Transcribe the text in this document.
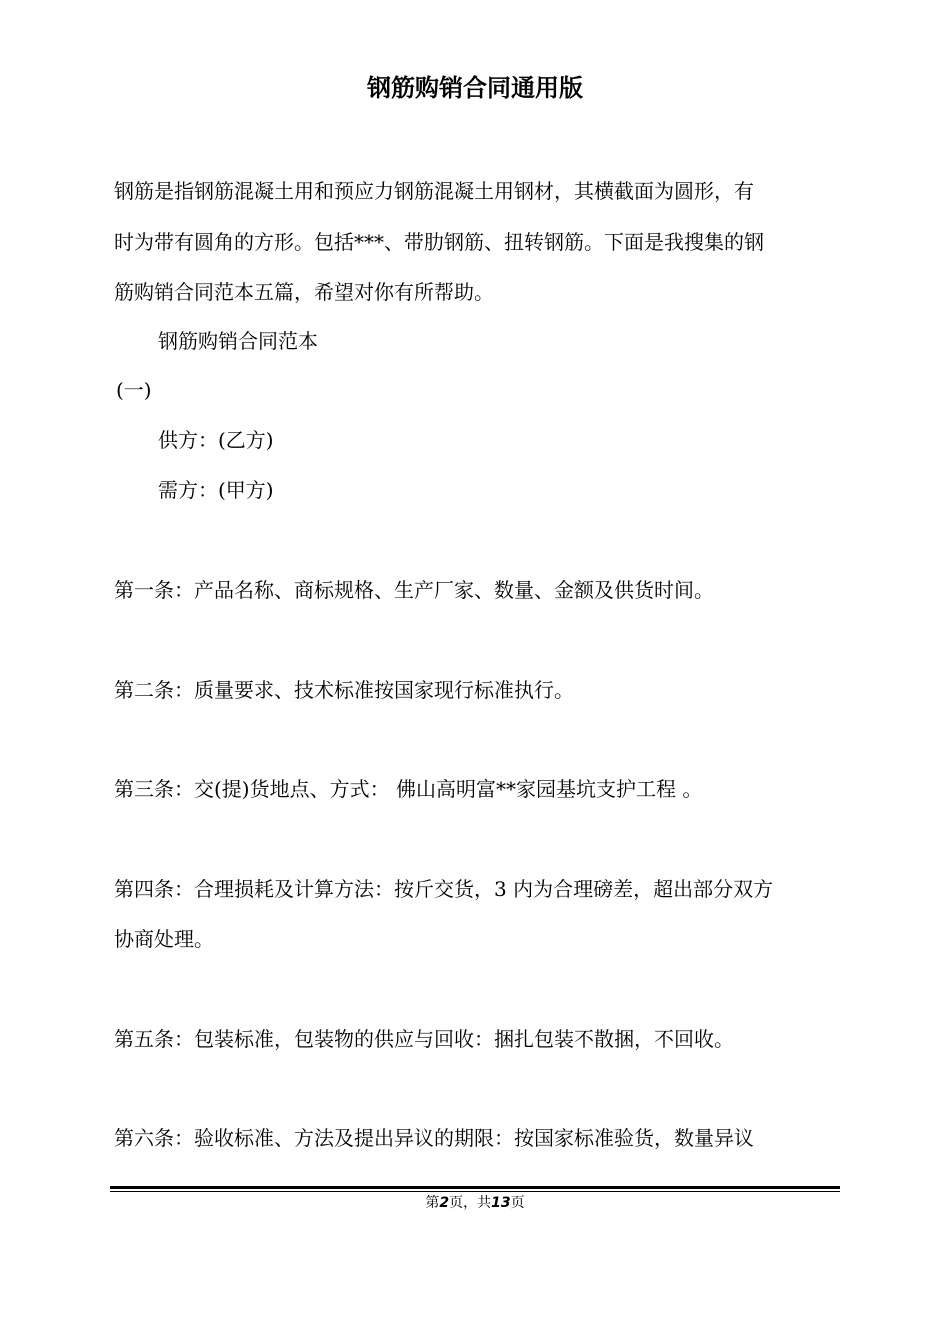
钢筋购销合同通用版

钢筋是指钢筋混凝土用和预应力钢筋混凝土用钢材，其横截面为圆形，有

时为带有圆角的方形。包括***、带肋钢筋、扭转钢筋。下面是我搜集的钢

筋购销合同范本五篇，希望对你有所帮助。

钢筋购销合同范本

(一)

供方：(乙方)

需方：(甲方)

第一条：产品名称、商标规格、生产厂家、数量、金额及供货时间。

第二条：质量要求、技术标准按国家现行标准执行。

第三条：交(提)货地点、方式： 佛山高明富**家园基坑支护工程 。

第四条：合理损耗及计算方法：按斤交货，3 内为合理磅差，超出部分双方

协商处理。

第五条：包装标准，包装物的供应与回收：捆扎包装不散捆，不回收。

第六条：验收标准、方法及提出异议的期限：按国家标准验货，数量异议

第2页，共13页
